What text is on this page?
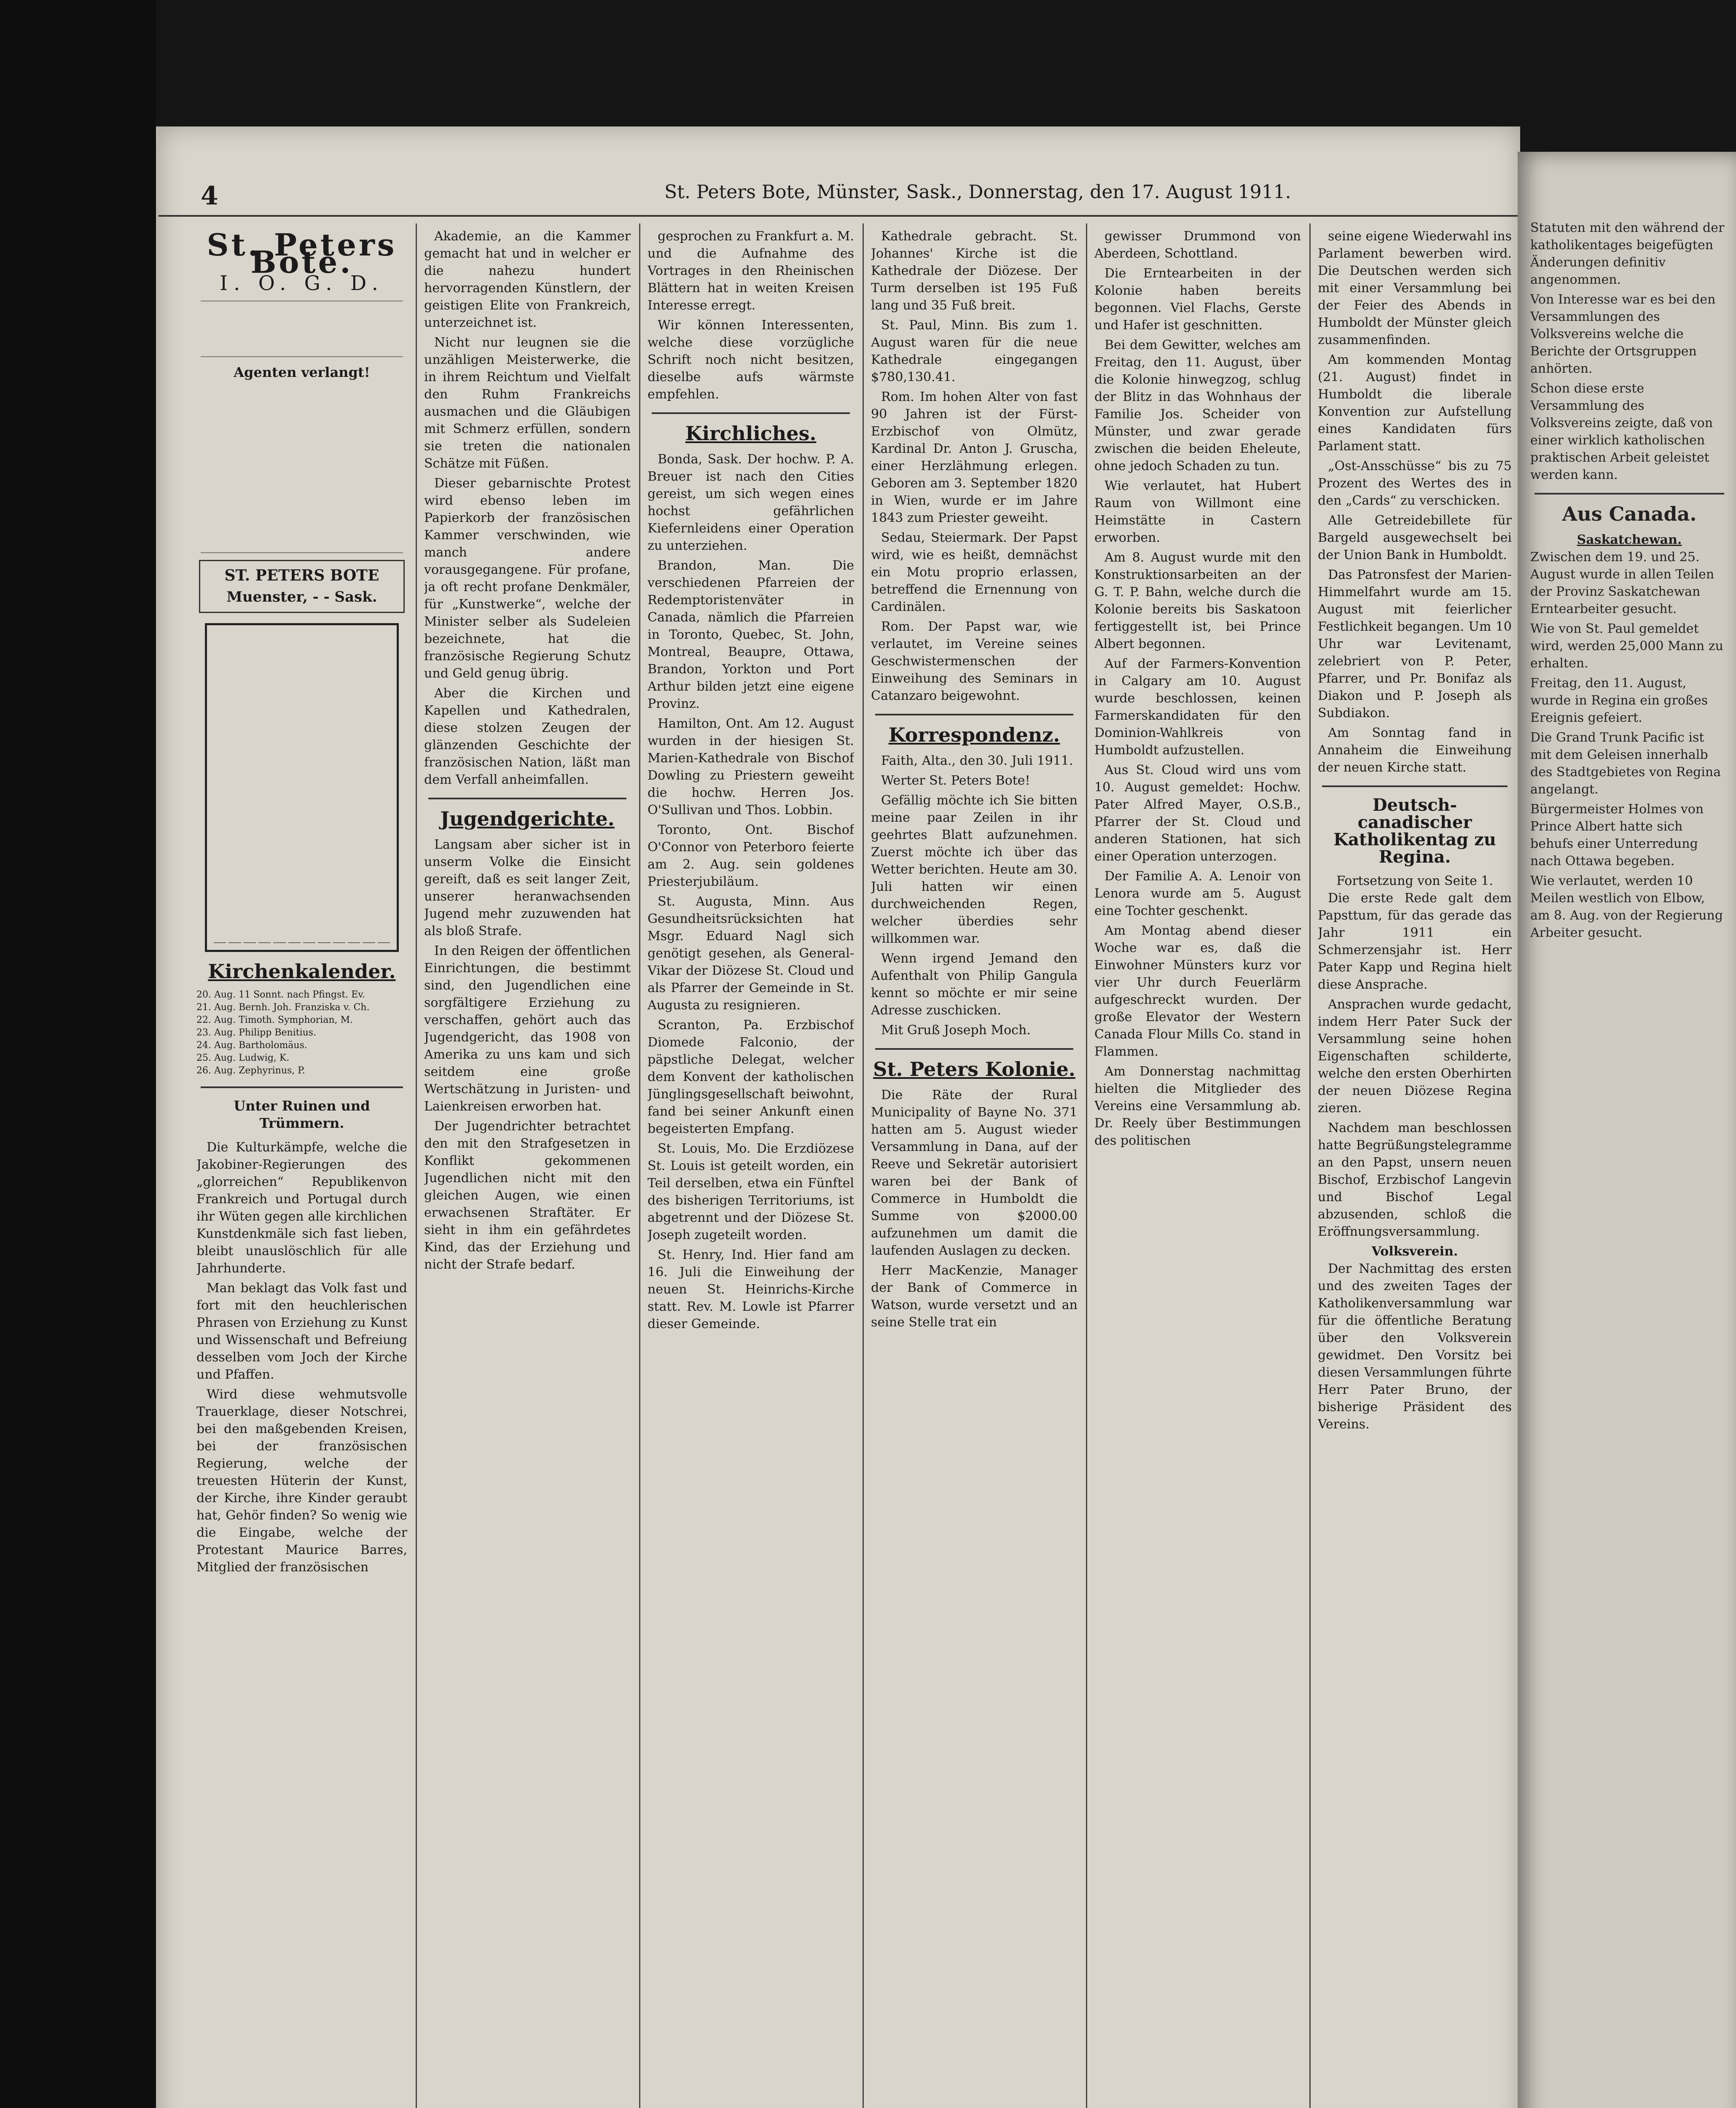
4	St. Peters Bote, Münster, Sask., Donnerstag, den 17. August 1911.
St. Peters Bote.
I. O. G. D.
Agenten verlangt!
ST. PETERS BOTE
Muenster, - - Sask.
Kirchenkalender.
20. Aug. 11 Sonnt. nach Pfingst. Ev.
21. Aug. Bernh. Joh. Franziska v. Ch.
22. Aug. Timoth. Symphorian, M.
23. Aug. Philipp Benitius.
24. Aug. Bartholomäus.
25. Aug. Ludwig, K.
26. Aug. Zephyrinus, P.
Unter Ruinen und Trümmern.

Die Kulturkämpfe, welche die Jakobiner-Regierungen des „glorreichen“ Republikenvon Frankreich und Portugal durch ihr Wüten gegen alle kirchlichen Kunstdenkmäle sich fast lieben, bleibt unauslöschlich für alle Jahrhunderte.

Man beklagt das Volk fast und fort mit den heuchlerischen Phrasen von Erziehung zu Kunst und Wissenschaft und Befreiung desselben vom Joch der Kirche und Pfaffen.

Wird diese wehmutsvolle Trauerklage, dieser Notschrei, bei den maßgebenden Kreisen, bei der französischen Regierung, welche der treuesten Hüterin der Kunst, der Kirche, ihre Kinder geraubt hat, Gehör finden? So wenig wie die Eingabe, welche der Protestant Maurice Barres, Mitglied der französischen

Akademie, an die Kammer gemacht hat und in welcher er die nahezu hundert hervorragenden Künstlern, der geistigen Elite von Frankreich, unterzeichnet ist.

Nicht nur leugnen sie die unzähligen Meisterwerke, die in ihrem Reichtum und Vielfalt den Ruhm Frankreichs ausmachen und die Gläubigen mit Schmerz erfüllen, sondern sie treten die nationalen Schätze mit Füßen.

Dieser gebarnischte Protest wird ebenso leben im Papierkorb der französischen Kammer verschwinden, wie manch andere vorausgegangene. Für profane, ja oft recht profane Denkmäler, für „Kunstwerke“, welche der Minister selber als Sudeleien bezeichnete, hat die französische Regierung Schutz und Geld genug übrig.

Aber die Kirchen und Kapellen und Kathedralen, diese stolzen Zeugen der glänzenden Geschichte der französischen Nation, läßt man dem Verfall anheimfallen.

Jugendgerichte.

Langsam aber sicher ist in unserm Volke die Einsicht gereift, daß es seit langer Zeit, unserer heranwachsenden Jugend mehr zuzuwenden hat als bloß Strafe.

In den Reigen der öffentlichen Einrichtungen, die bestimmt sind, den Jugendlichen eine sorgfältigere Erziehung zu verschaffen, gehört auch das Jugendgericht, das 1908 von Amerika zu uns kam und sich seitdem eine große Wertschätzung in Juristen- und Laienkreisen erworben hat.

Der Jugendrichter betrachtet den mit den Strafgesetzen in Konflikt gekommenen Jugendlichen nicht mit den gleichen Augen, wie einen erwachsenen Straftäter. Er sieht in ihm ein gefährdetes Kind, das der Erziehung und nicht der Strafe bedarf.

gesprochen zu Frankfurt a. M. und die Aufnahme des Vortrages in den Rheinischen Blättern hat in weiten Kreisen Interesse erregt.

Wir können Interessenten, welche diese vorzügliche Schrift noch nicht besitzen, dieselbe aufs wärmste empfehlen.

Kirchliches.

Bonda, Sask. Der hochw. P. A. Breuer ist nach den Cities gereist, um sich wegen eines hochst gefährlichen Kiefernleidens einer Operation zu unterziehen.

Brandon, Man. Die verschiedenen Pfarreien der Redemptoristenväter in Canada, nämlich die Pfarreien in Toronto, Quebec, St. John, Montreal, Beaupre, Ottawa, Brandon, Yorkton und Port Arthur bilden jetzt eine eigene Provinz.

Hamilton, Ont. Am 12. August wurden in der hiesigen St. Marien-Kathedrale von Bischof Dowling zu Priestern geweiht die hochw. Herren Jos. O'Sullivan und Thos. Lobbin.

Toronto, Ont. Bischof O'Connor von Peterboro feierte am 2. Aug. sein goldenes Priesterjubiläum.

St. Augusta, Minn. Aus Gesundheitsrücksichten hat Msgr. Eduard Nagl sich genötigt gesehen, als General-Vikar der Diözese St. Cloud und als Pfarrer der Gemeinde in St. Augusta zu resignieren.

Scranton, Pa. Erzbischof Diomede Falconio, der päpstliche Delegat, welcher dem Konvent der katholischen Jünglingsgesellschaft beiwohnt, fand bei seiner Ankunft einen begeisterten Empfang.

St. Louis, Mo. Die Erzdiözese St. Louis ist geteilt worden, ein Teil derselben, etwa ein Fünftel des bisherigen Territoriums, ist abgetrennt und der Diözese St. Joseph zugeteilt worden.

St. Henry, Ind. Hier fand am 16. Juli die Einweihung der neuen St. Heinrichs-Kirche statt. Rev. M. Lowle ist Pfarrer dieser Gemeinde.

Kathedrale gebracht. St. Johannes' Kirche ist die Kathedrale der Diözese. Der Turm derselben ist 195 Fuß lang und 35 Fuß breit.

St. Paul, Minn. Bis zum 1. August waren für die neue Kathedrale eingegangen $780,130.41.

Rom. Im hohen Alter von fast 90 Jahren ist der Fürst-Erzbischof von Olmütz, Kardinal Dr. Anton J. Gruscha, einer Herzlähmung erlegen. Geboren am 3. September 1820 in Wien, wurde er im Jahre 1843 zum Priester geweiht.

Sedau, Steiermark. Der Papst wird, wie es heißt, demnächst ein Motu proprio erlassen, betreffend die Ernennung von Cardinälen.

Rom. Der Papst war, wie verlautet, im Vereine seines Geschwistermenschen der Einweihung des Seminars in Catanzaro beigewohnt.

Korrespondenz.

Faith, Alta., den 30. Juli 1911.

Werter St. Peters Bote!

Gefällig möchte ich Sie bitten meine paar Zeilen in ihr geehrtes Blatt aufzunehmen. Zuerst möchte ich über das Wetter berichten. Heute am 30. Juli hatten wir einen durchweichenden Regen, welcher überdies sehr willkommen war.

Wenn irgend Jemand den Aufenthalt von Philip Gangula kennt so möchte er mir seine Adresse zuschicken.

Mit Gruß Joseph Moch.

St. Peters Kolonie.

Die Räte der Rural Municipality of Bayne No. 371 hatten am 5. August wieder Versammlung in Dana, auf der Reeve und Sekretär autorisiert waren bei der Bank of Commerce in Humboldt die Summe von $2000.00 aufzunehmen um damit die laufenden Auslagen zu decken.

Herr MacKenzie, Manager der Bank of Commerce in Watson, wurde versetzt und an seine Stelle trat ein

gewisser Drummond von Aberdeen, Schottland.

Die Erntearbeiten in der Kolonie haben bereits begonnen. Viel Flachs, Gerste und Hafer ist geschnitten.

Bei dem Gewitter, welches am Freitag, den 11. August, über die Kolonie hinwegzog, schlug der Blitz in das Wohnhaus der Familie Jos. Scheider von Münster, und zwar gerade zwischen die beiden Eheleute, ohne jedoch Schaden zu tun.

Wie verlautet, hat Hubert Raum von Willmont eine Heimstätte in Castern erworben.

Am 8. August wurde mit den Konstruktionsarbeiten an der G. T. P. Bahn, welche durch die Kolonie bereits bis Saskatoon fertiggestellt ist, bei Prince Albert begonnen.

Auf der Farmers-Konvention in Calgary am 10. August wurde beschlossen, keinen Farmerskandidaten für den Dominion-Wahlkreis von Humboldt aufzustellen.

Aus St. Cloud wird uns vom 10. August gemeldet: Hochw. Pater Alfred Mayer, O.S.B., Pfarrer der St. Cloud und anderen Stationen, hat sich einer Operation unterzogen.

Der Familie A. A. Lenoir von Lenora wurde am 5. August eine Tochter geschenkt.

Am Montag abend dieser Woche war es, daß die Einwohner Münsters kurz vor vier Uhr durch Feuerlärm aufgeschreckt wurden. Der große Elevator der Western Canada Flour Mills Co. stand in Flammen.

Am Donnerstag nachmittag hielten die Mitglieder des Vereins eine Versammlung ab. Dr. Reely über Bestimmungen des politischen

seine eigene Wiederwahl ins Parlament bewerben wird. Die Deutschen werden sich mit einer Versammlung bei der Feier des Abends in Humboldt der Münster gleich zusammenfinden.

Am kommenden Montag (21. August) findet in Humboldt die liberale Konvention zur Aufstellung eines Kandidaten fürs Parlament statt.

„Ost-Ansschüsse“ bis zu 75 Prozent des Wertes des in den „Cards“ zu verschicken.

Alle Getreidebillete für Bargeld ausgewechselt bei der Union Bank in Humboldt.

Das Patronsfest der Marien-Himmelfahrt wurde am 15. August mit feierlicher Festlichkeit begangen. Um 10 Uhr war Levitenamt, zelebriert von P. Peter, Pfarrer, und Pr. Bonifaz als Diakon und P. Joseph als Subdiakon.

Am Sonntag fand in Annaheim die Einweihung der neuen Kirche statt.

Deutsch-canadischer Katholikentag zu Regina.
Fortsetzung von Seite 1.

Die erste Rede galt dem Papsttum, für das gerade das Jahr 1911 ein Schmerzensjahr ist. Herr Pater Kapp und Regina hielt diese Ansprache.

Ansprachen wurde gedacht, indem Herr Pater Suck der Versammlung seine hohen Eigenschaften schilderte, welche den ersten Oberhirten der neuen Diözese Regina zieren.

Nachdem man beschlossen hatte Begrüßungstelegramme an den Papst, unsern neuen Bischof, Erzbischof Langevin und Bischof Legal abzusenden, schloß die Eröffnungsversammlung.

Volksverein.

Der Nachmittag des ersten und des zweiten Tages der Katholikenversammlung war für die öffentliche Beratung über den Volksverein gewidmet. Den Vorsitz bei diesen Versammlungen führte Herr Pater Bruno, der bisherige Präsident des Vereins.

Statuten mit den während der katholikentages beigefügten Änderungen definitiv angenommen.

Von Interesse war es bei den Versammlungen des Volksvereins welche die Berichte der Ortsgruppen anhörten.

Schon diese erste Versammlung des Volksvereins zeigte, daß von einer wirklich katholischen praktischen Arbeit geleistet werden kann.

Aus Canada.
Saskatchewan.

Zwischen dem 19. und 25. August wurde in allen Teilen der Provinz Saskatchewan Erntearbeiter gesucht.

Wie von St. Paul gemeldet wird, werden 25,000 Mann zu erhalten.

Freitag, den 11. August, wurde in Regina ein großes Ereignis gefeiert.

Die Grand Trunk Pacific ist mit dem Geleisen innerhalb des Stadtgebietes von Regina angelangt.

Bürgermeister Holmes von Prince Albert hatte sich behufs einer Unterredung nach Ottawa begeben.

Wie verlautet, werden 10 Meilen westlich von Elbow, am 8. Aug. von der Regierung Arbeiter gesucht.
